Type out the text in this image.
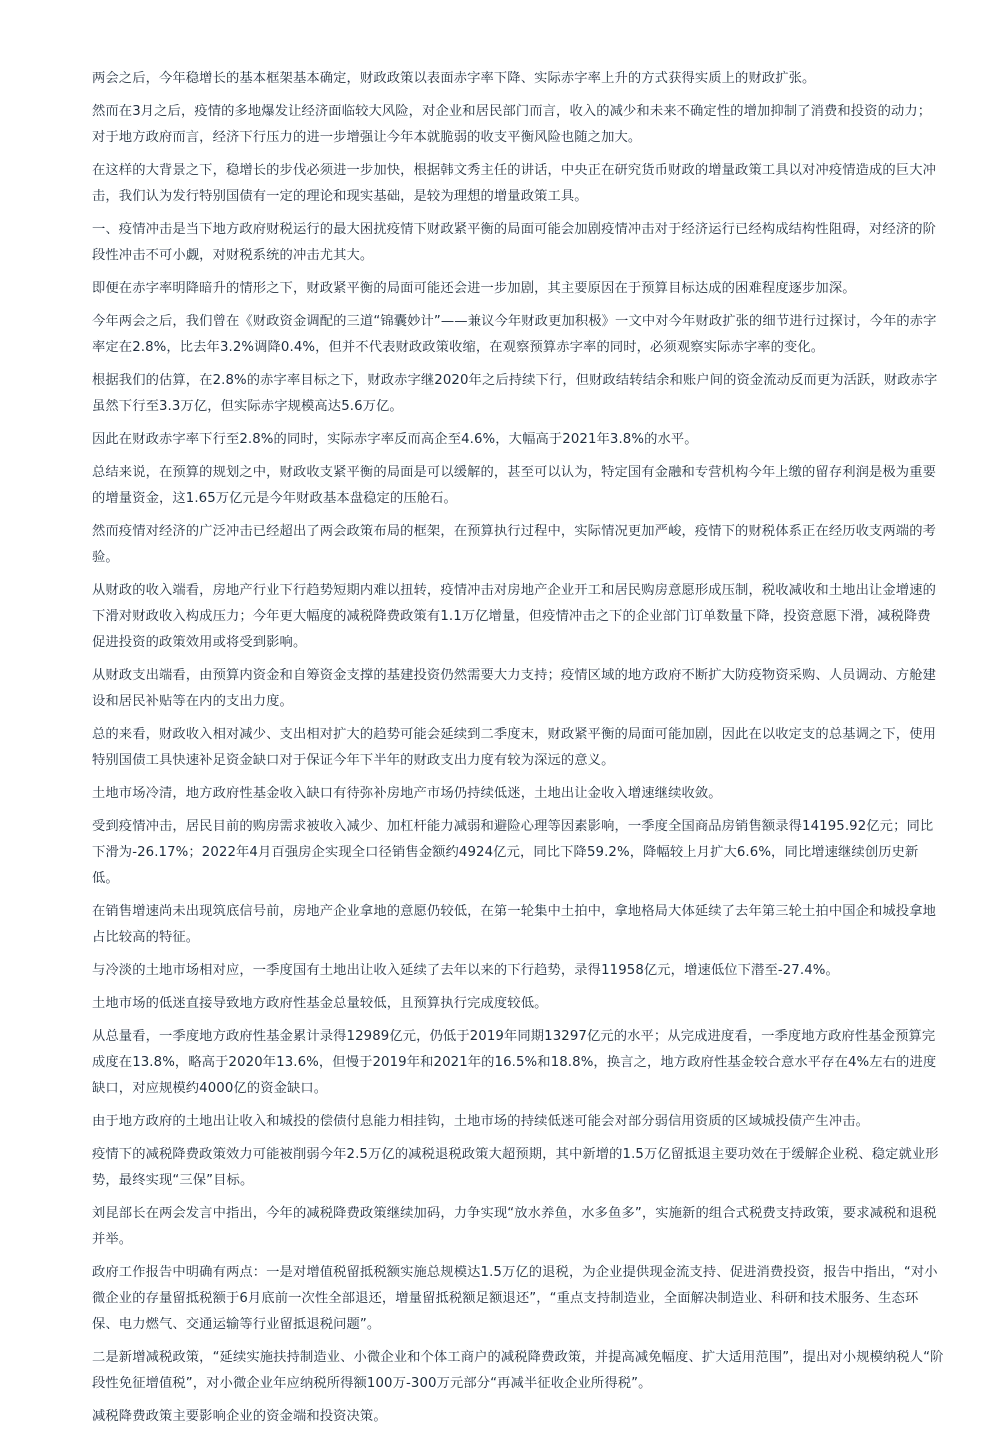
两会之后，今年稳增长的基本框架基本确定，财政政策以表面赤字率下降、实际赤字率上升的方式获得实质上的财政扩张。

然而在3月之后，疫情的多地爆发让经济面临较大风险，对企业和居民部门而言，收入的减少和未来不确定性的增加抑制了消费和投资的动力；对于地方政府而言，经济下行压力的进一步增强让今年本就脆弱的收支平衡风险也随之加大。

在这样的大背景之下，稳增长的步伐必须进一步加快，根据韩文秀主任的讲话，中央正在研究货币财政的增量政策工具以对冲疫情造成的巨大冲击，我们认为发行特别国债有一定的理论和现实基础，是较为理想的增量政策工具。

一、疫情冲击是当下地方政府财税运行的最大困扰疫情下财政紧平衡的局面可能会加剧疫情冲击对于经济运行已经构成结构性阻碍，对经济的阶段性冲击不可小觑，对财税系统的冲击尤其大。

即便在赤字率明降暗升的情形之下，财政紧平衡的局面可能还会进一步加剧，其主要原因在于预算目标达成的困难程度逐步加深。

今年两会之后，我们曾在《财政资金调配的三道“锦囊妙计”——兼议今年财政更加积极》一文中对今年财政扩张的细节进行过探讨，今年的赤字率定在2.8%，比去年3.2%调降0.4%，但并不代表财政政策收缩，在观察预算赤字率的同时，必须观察实际赤字率的变化。

根据我们的估算，在2.8%的赤字率目标之下，财政赤字继2020年之后持续下行，但财政结转结余和账户间的资金流动反而更为活跃，财政赤字虽然下行至3.3万亿，但实际赤字规模高达5.6万亿。

因此在财政赤字率下行至2.8%的同时，实际赤字率反而高企至4.6%，大幅高于2021年3.8%的水平。

总结来说，在预算的规划之中，财政收支紧平衡的局面是可以缓解的，甚至可以认为，特定国有金融和专营机构今年上缴的留存利润是极为重要的增量资金，这1.65万亿元是今年财政基本盘稳定的压舱石。

然而疫情对经济的广泛冲击已经超出了两会政策布局的框架，在预算执行过程中，实际情况更加严峻，疫情下的财税体系正在经历收支两端的考验。

从财政的收入端看，房地产行业下行趋势短期内难以扭转，疫情冲击对房地产企业开工和居民购房意愿形成压制，税收减收和土地出让金增速的下滑对财政收入构成压力；今年更大幅度的减税降费政策有1.1万亿增量，但疫情冲击之下的企业部门订单数量下降，投资意愿下滑，减税降费促进投资的政策效用或将受到影响。

从财政支出端看，由预算内资金和自筹资金支撑的基建投资仍然需要大力支持；疫情区域的地方政府不断扩大防疫物资采购、人员调动、方舱建设和居民补贴等在内的支出力度。

总的来看，财政收入相对减少、支出相对扩大的趋势可能会延续到二季度末，财政紧平衡的局面可能加剧，因此在以收定支的总基调之下，使用特别国债工具快速补足资金缺口对于保证今年下半年的财政支出力度有较为深远的意义。

土地市场冷清，地方政府性基金收入缺口有待弥补房地产市场仍持续低迷，土地出让金收入增速继续收敛。

受到疫情冲击，居民目前的购房需求被收入减少、加杠杆能力减弱和避险心理等因素影响，一季度全国商品房销售额录得14195.92亿元；同比下滑为-26.17%；2022年4月百强房企实现全口径销售金额约4924亿元，同比下降59.2%，降幅较上月扩大6.6%，同比增速继续创历史新低。

在销售增速尚未出现筑底信号前，房地产企业拿地的意愿仍较低，在第一轮集中土拍中，拿地格局大体延续了去年第三轮土拍中国企和城投拿地占比较高的特征。

与冷淡的土地市场相对应，一季度国有土地出让收入延续了去年以来的下行趋势，录得11958亿元，增速低位下潜至-27.4%。

土地市场的低迷直接导致地方政府性基金总量较低，且预算执行完成度较低。

从总量看，一季度地方政府性基金累计录得12989亿元，仍低于2019年同期13297亿元的水平；从完成进度看，一季度地方政府性基金预算完成度在13.8%，略高于2020年13.6%，但慢于2019年和2021年的16.5%和18.8%，换言之，地方政府性基金较合意水平存在4%左右的进度缺口，对应规模约4000亿的资金缺口。

由于地方政府的土地出让收入和城投的偿债付息能力相挂钩，土地市场的持续低迷可能会对部分弱信用资质的区域城投债产生冲击。

疫情下的减税降费政策效力可能被削弱今年2.5万亿的减税退税政策大超预期，其中新增的1.5万亿留抵退主要功效在于缓解企业税、稳定就业形势，最终实现“三保”目标。

刘昆部长在两会发言中指出，今年的减税降费政策继续加码，力争实现“放水养鱼，水多鱼多”，实施新的组合式税费支持政策，要求减税和退税并举。

政府工作报告中明确有两点：一是对增值税留抵税额实施总规模达1.5万亿的退税，为企业提供现金流支持、促进消费投资，报告中指出，“对小微企业的存量留抵税额于6月底前一次性全部退还，增量留抵税额足额退还”，“重点支持制造业，全面解决制造业、科研和技术服务、生态环保、电力燃气、交通运输等行业留抵退税问题”。

二是新增减税政策，“延续实施扶持制造业、小微企业和个体工商户的减税降费政策，并提高减免幅度、扩大适用范围”，提出对小规模纳税人“阶段性免征增值税”，对小微企业年应纳税所得额100万-300万元部分“再减半征收企业所得税”。

减税降费政策主要影响企业的资金端和投资决策。
